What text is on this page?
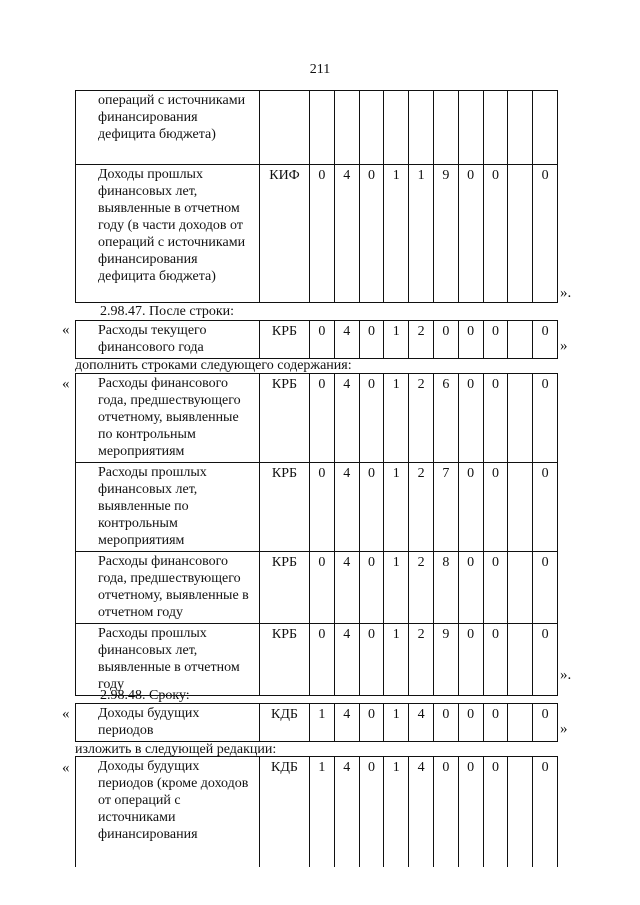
211
операций с источниками финансирования дефицита бюджета)											
Доходы прошлых финансовых лет, выявленные в отчетном году (в части доходов от операций с источниками финансирования дефицита бюджета)	КИФ	0	4	0	1	1	9	0	0		0
».
2.98.47. После строки:
« Расходы текущего финансового года	КРБ	0	4	0	1	2	0	0	0		0
»
дополнить строками следующего содержания:
« Расходы финансового года, предшествующего отчетному, выявленные по контрольным мероприятиям	КРБ	0	4	0	1	2	6	0	0		0
Расходы прошлых финансовых лет, выявленные по контрольным мероприятиям	КРБ	0	4	0	1	2	7	0	0		0
Расходы финансового года, предшествующего отчетному, выявленные в отчетном году	КРБ	0	4	0	1	2	8	0	0		0
Расходы прошлых финансовых лет, выявленные в отчетном году	КРБ	0	4	0	1	2	9	0	0		0
».
2.98.48. Сроку:
« Доходы будущих периодов	КДБ	1	4	0	1	4	0	0	0		0
»
изложить в следующей редакции:
« Доходы будущих периодов (кроме доходов от операций с источниками финансирования	КДБ	1	4	0	1	4	0	0	0		0
